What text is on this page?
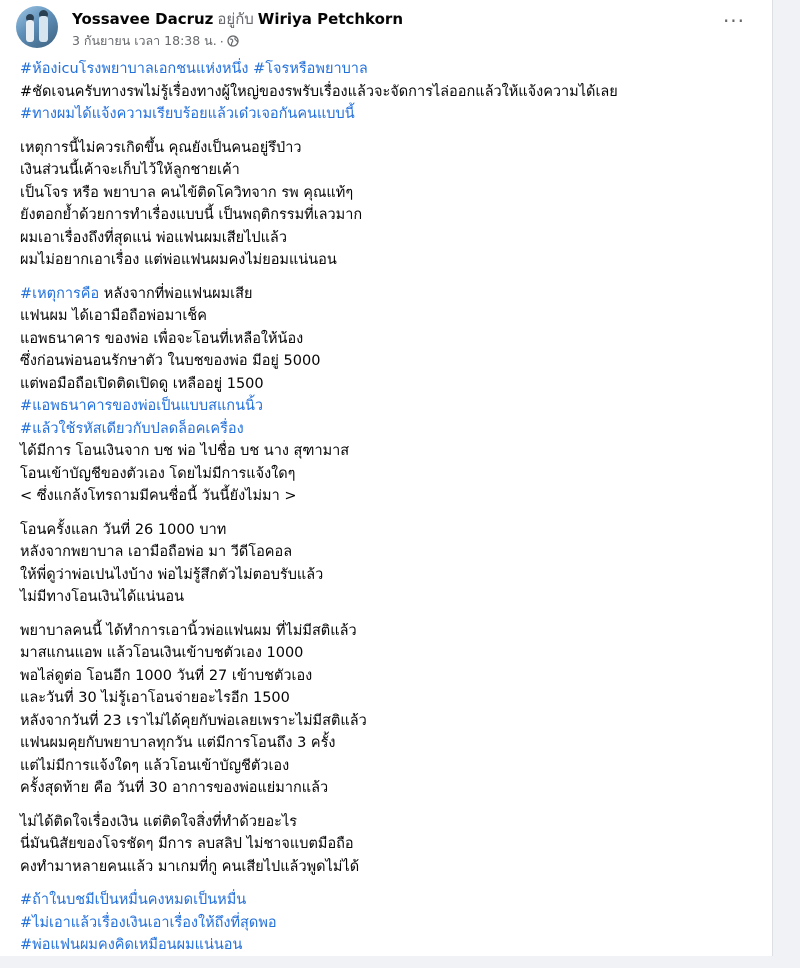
Yossavee Dacruz อยู่กับ Wiriya Petchkorn
3 กันยายน เวลา 18:38 น. ·
···
#ห้องicuโรงพยาบาลเอกชนแห่งหนึ่ง #โจรหรือพยาบาล
#ชัดเจนครับทางรพไม่รู้เรื่องทางผู้ใหญ่ของรพรับเรื่องแล้วจะจัดการไล่ออกแล้วให้แจ้งความได้เลย
#ทางผมได้แจ้งความเรียบร้อยแล้วเด๋วเจอกันคนแบบนี้
เหตุการนี้ไม่ควรเกิดขึ้น คุณยังเป็นคนอยู่รึป่าว
เงินส่วนนี้เค้าจะเก็บไว้ให้ลูกชายเค้า
เป็นโจร หรือ พยาบาล คนไข้ติดโควิทจาก รพ คุณแท้ๆ
ยังตอกย้ำด้วยการทำเรื่องแบบนี้ เป็นพฤติกรรมที่เลวมาก
ผมเอาเรื่องถึงที่สุดแน่ พ่อแฟนผมเสียไปแล้ว
ผมไม่อยากเอาเรื่อง แต่พ่อแฟนผมคงไม่ยอมแน่นอน
#เหตุการคือ หลังจากที่พ่อแฟนผมเสีย
แฟนผม ได้เอามือถือพ่อมาเช็ค
แอพธนาคาร ของพ่อ เพื่อจะโอนที่เหลือให้น้อง
ซึ่งก่อนพ่อนอนรักษาตัว ในบชของพ่อ มีอยู่ 5000
แต่พอมือถือเปิดติดเปิดดู เหลืออยู่ 1500
#แอพธนาคารของพ่อเป็นแบบสแกนนิ้ว
#แล้วใช้รหัสเดียวกับปลดล็อคเครื่อง
ได้มีการ โอนเงินจาก บช พ่อ ไปชื่อ บช นาง สุฑามาส
โอนเข้าบัญชีของตัวเอง โดยไม่มีการแจ้งใดๆ
< ซึ่งแกล้งโทรถามมีคนชื่อนี้ วันนี้ยังไม่มา >
โอนครั้งแลก วันที่ 26 1000 บาท
หลังจากพยาบาล เอามือถือพ่อ มา วีดีโอคอล
ให้พี่ดูว่าพ่อเปนไงบ้าง พ่อไม่รู้สึกตัวไม่ตอบรับแล้ว
ไม่มีทางโอนเงินได้แน่นอน
พยาบาลคนนี้ ได้ทำการเอานิ้วพ่อแฟนผม ที่ไม่มีสติแล้ว
มาสแกนแอพ แล้วโอนเงินเข้าบชตัวเอง 1000
พอไล่ดูต่อ โอนอีก 1000 วันที่ 27 เข้าบชตัวเอง
และวันที่ 30 ไม่รู้เอาโอนจ่ายอะไรอีก 1500
หลังจากวันที่ 23 เราไม่ได้คุยกับพ่อเลยเพราะไม่มีสติแล้ว
แฟนผมคุยกับพยาบาลทุกวัน แต่มีการโอนถึง 3 ครั้ง
แต่ไม่มีการแจ้งใดๆ แล้วโอนเข้าบัญชีตัวเอง
ครั้งสุดท้าย คือ วันที่ 30 อาการของพ่อแย่มากแล้ว
ไม่ได้ติดใจเรื่องเงิน แต่ติดใจสิ่งที่ทำด้วยอะไร
นี่มันนิสัยของโจรชัดๆ มีการ ลบสลิป ไม่ชาจแบตมือถือ
คงทำมาหลายคนแล้ว มาเกมที่กู คนเสียไปแล้วพูดไม่ได้
#ถ้าในบชมีเป็นหมื่นคงหมดเป็นหมื่น
#ไม่เอาแล้วเรื่องเงินเอาเรื่องให้ถึงที่สุดพอ
#พ่อแฟนผมคงคิดเหมือนผมแน่นอน
